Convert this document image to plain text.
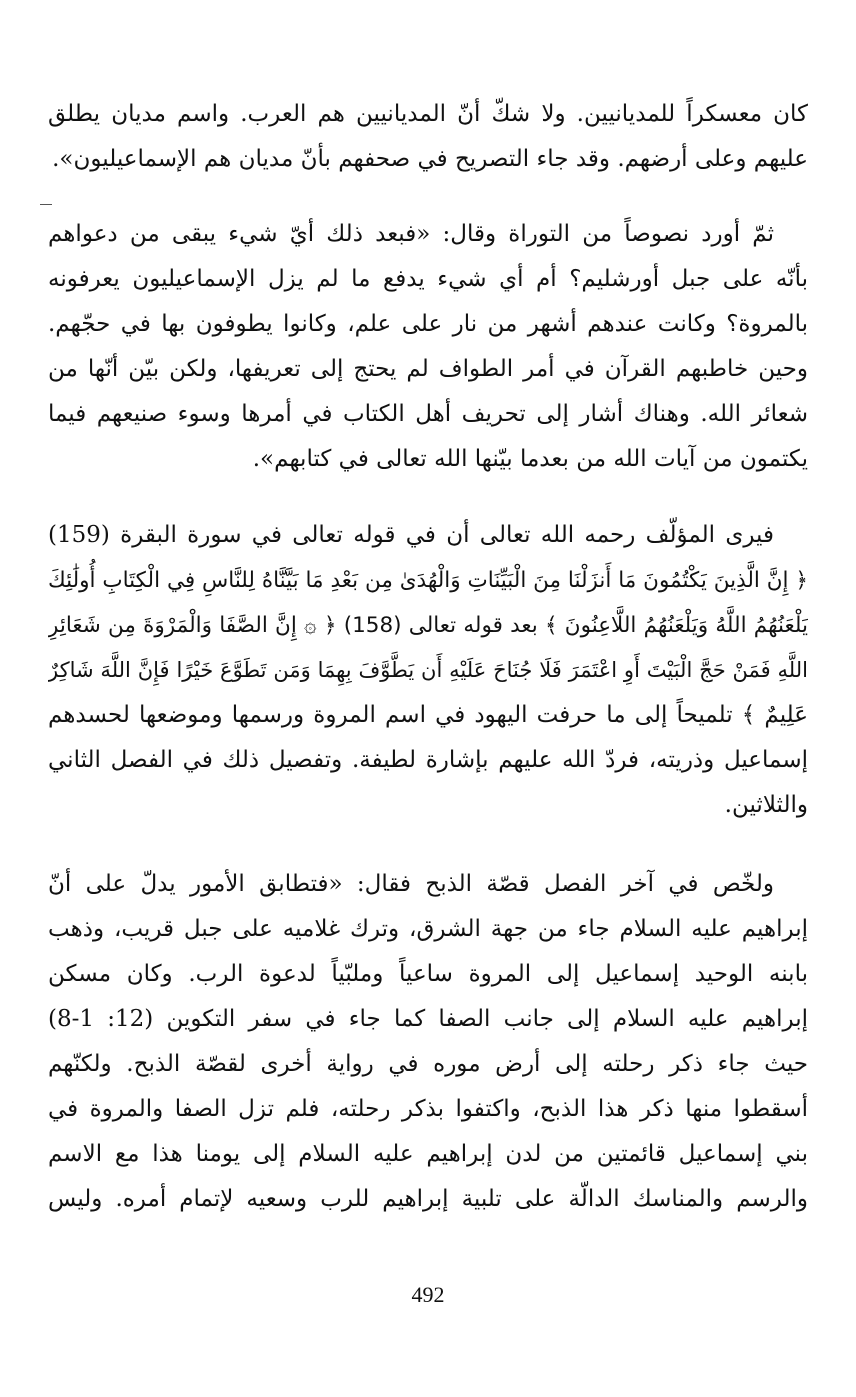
كان معسكراً للمديانيين. ولا شكّ أنّ المديانيين هم العرب. واسم مديان يطلق
عليهم وعلى أرضهم. وقد جاء التصريح في صحفهم بأنّ مديان هم الإسماعيليون».
ثمّ أورد نصوصاً من التوراة وقال: «فبعد ذلك أيّ شيء يبقى من دعواهم
بأنّه على جبل أورشليم؟ أم أي شيء يدفع ما لم يزل الإسماعيليون يعرفونه
بالمروة؟ وكانت عندهم أشهر من نار على علم، وكانوا يطوفون بها في حجّهم.
وحين خاطبهم القرآن في أمر الطواف لم يحتج إلى تعريفها، ولكن بيّن أنّها من
شعائر الله. وهناك أشار إلى تحريف أهل الكتاب في أمرها وسوء صنيعهم فيما
يكتمون من آيات الله من بعدما بيّنها الله تعالى في كتابهم».
فيرى المؤلّف رحمه الله تعالى أن في قوله تعالى في سورة البقرة (159)
﴿ إِنَّ الَّذِينَ يَكْتُمُونَ مَا أَنزَلْنَا مِنَ الْبَيِّنَاتِ وَالْهُدَىٰ مِن بَعْدِ مَا بَيَّنَّاهُ لِلنَّاسِ فِي الْكِتَابِ أُولَٰئِكَ
يَلْعَنُهُمُ اللَّهُ وَيَلْعَنُهُمُ اللَّاعِنُونَ ﴾ بعد قوله تعالى (158) ﴿ ۞ إِنَّ الصَّفَا وَالْمَرْوَةَ مِن شَعَائِرِ
اللَّهِ فَمَنْ حَجَّ الْبَيْتَ أَوِ اعْتَمَرَ فَلَا جُنَاحَ عَلَيْهِ أَن يَطَّوَّفَ بِهِمَا وَمَن تَطَوَّعَ خَيْرًا فَإِنَّ اللَّهَ شَاكِرٌ
عَلِيمٌ ﴾ تلميحاً إلى ما حرفت اليهود في اسم المروة ورسمها وموضعها لحسدهم
إسماعيل وذريته، فردّ الله عليهم بإشارة لطيفة. وتفصيل ذلك في الفصل الثاني
والثلاثين.
ولخّص في آخر الفصل قصّة الذبح فقال: «فتطابق الأمور يدلّ على أنّ
إبراهيم عليه السلام جاء من جهة الشرق، وترك غلاميه على جبل قريب، وذهب
بابنه الوحيد إسماعيل إلى المروة ساعياً وملبّياً لدعوة الرب. وكان مسكن
إبراهيم عليه السلام إلى جانب الصفا كما جاء في سفر التكوين (12: 1-8)
حيث جاء ذكر رحلته إلى أرض موره في رواية أخرى لقصّة الذبح. ولكنّهم
أسقطوا منها ذكر هذا الذبح، واكتفوا بذكر رحلته، فلم تزل الصفا والمروة في
بني إسماعيل قائمتين من لدن إبراهيم عليه السلام إلى يومنا هذا مع الاسم
والرسم والمناسك الدالّة على تلبية إبراهيم للرب وسعيه لإتمام أمره. وليس
492
